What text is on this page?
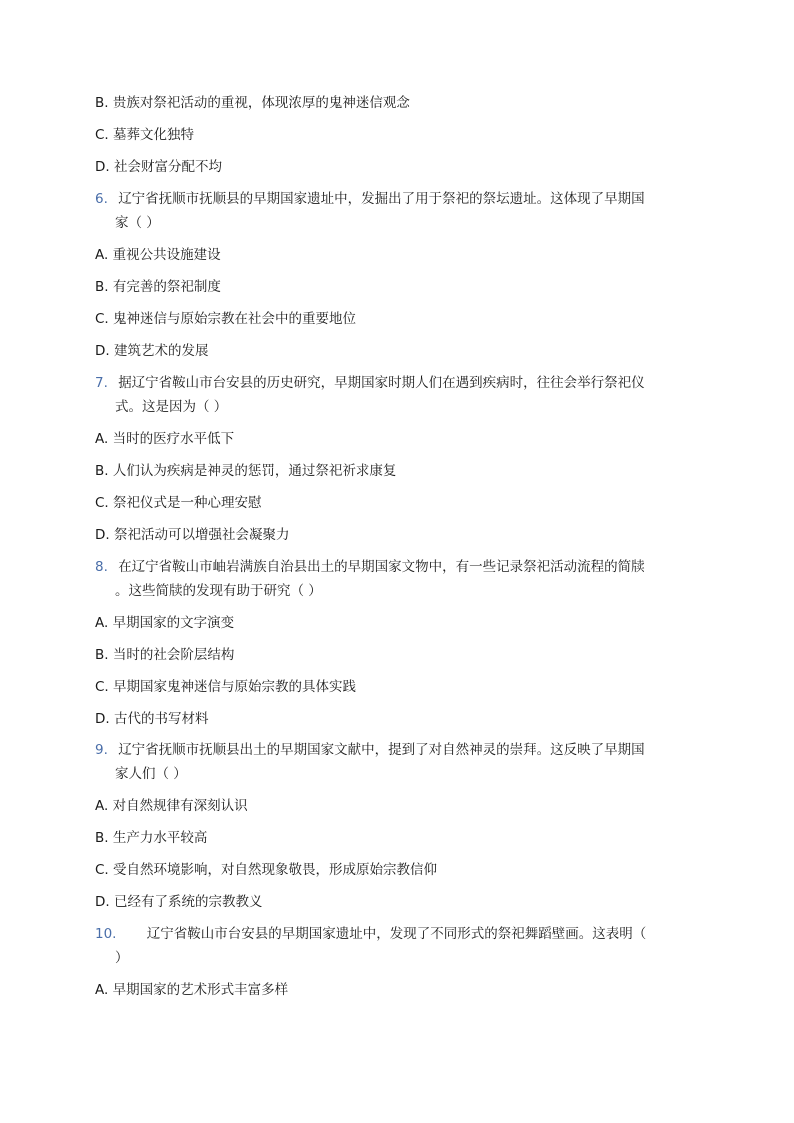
B. 贵族对祭祀活动的重视，体现浓厚的鬼神迷信观念
C. 墓葬文化独特
D. 社会财富分配不均
6. 辽宁省抚顺市抚顺县的早期国家遗址中，发掘出了用于祭祀的祭坛遗址。这体现了早期国
家（ ）
A. 重视公共设施建设
B. 有完善的祭祀制度
C. 鬼神迷信与原始宗教在社会中的重要地位
D. 建筑艺术的发展
7. 据辽宁省鞍山市台安县的历史研究，早期国家时期人们在遇到疾病时，往往会举行祭祀仪
式。这是因为（ ）
A. 当时的医疗水平低下
B. 人们认为疾病是神灵的惩罚，通过祭祀祈求康复
C. 祭祀仪式是一种心理安慰
D. 祭祀活动可以增强社会凝聚力
8. 在辽宁省鞍山市岫岩满族自治县出土的早期国家文物中，有一些记录祭祀活动流程的简牍
。这些简牍的发现有助于研究（ ）
A. 早期国家的文字演变
B. 当时的社会阶层结构
C. 早期国家鬼神迷信与原始宗教的具体实践
D. 古代的书写材料
9. 辽宁省抚顺市抚顺县出土的早期国家文献中，提到了对自然神灵的崇拜。这反映了早期国
家人们（ ）
A. 对自然规律有深刻认识
B. 生产力水平较高
C. 受自然环境影响，对自然现象敬畏，形成原始宗教信仰
D. 已经有了系统的宗教教义
10. 辽宁省鞍山市台安县的早期国家遗址中，发现了不同形式的祭祀舞蹈壁画。这表明（
）
A. 早期国家的艺术形式丰富多样
